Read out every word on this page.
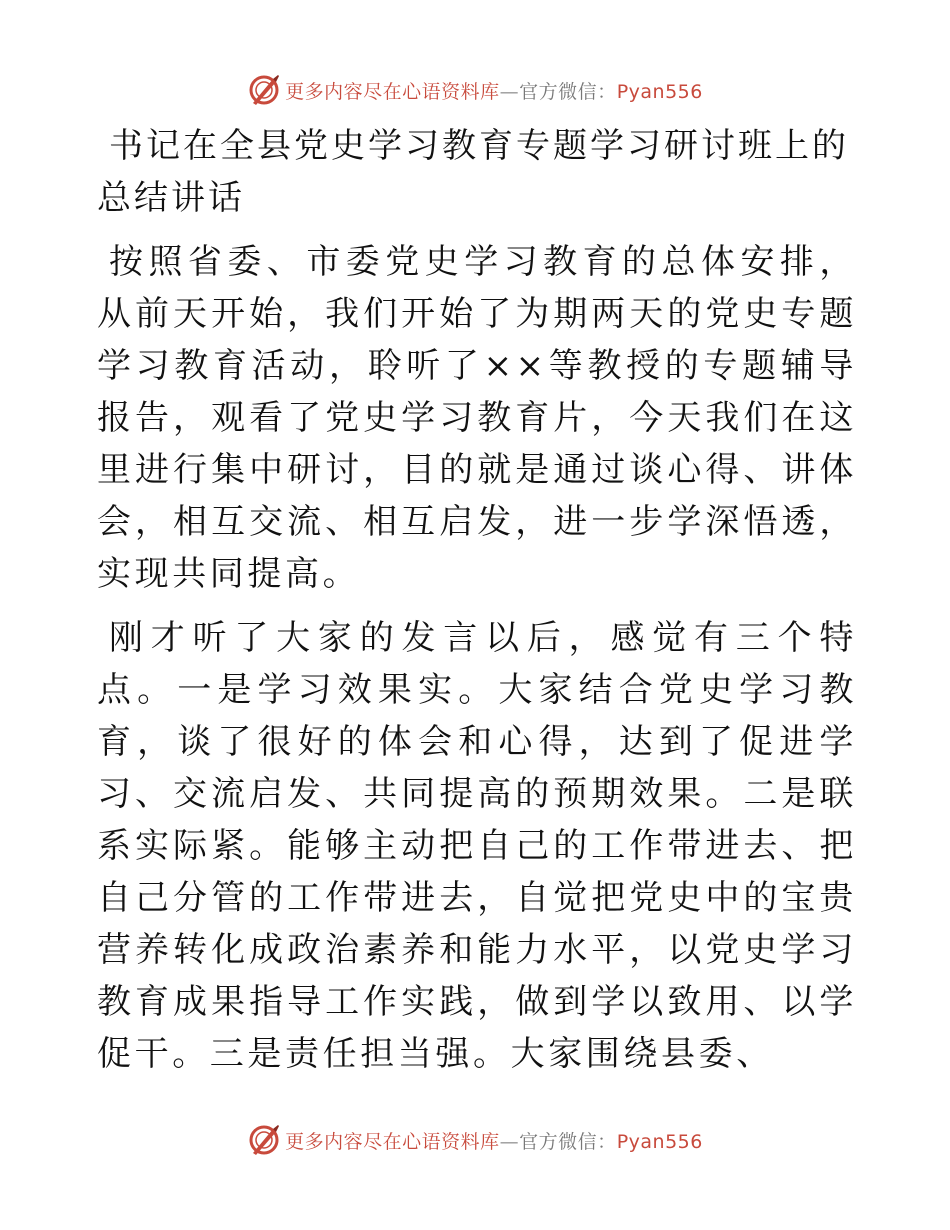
更多内容尽在心语资料库—官方微信：Pyan556
书记在全县党史学习教育专题学习研讨班上的总结讲话

按照省委、市委党史学习教育的总体安排，从前天开始，我们开始了为期两天的党史专题学习教育活动，聆听了××等教授的专题辅导报告，观看了党史学习教育片，今天我们在这里进行集中研讨，目的就是通过谈心得、讲体会，相互交流、相互启发，进一步学深悟透，实现共同提高。

刚才听了大家的发言以后，感觉有三个特点。一是学习效果实。大家结合党史学习教育，谈了很好的体会和心得，达到了促进学习、交流启发、共同提高的预期效果。二是联系实际紧。能够主动把自己的工作带进去、把自己分管的工作带进去，自觉把党史中的宝贵营养转化成政治素养和能力水平，以党史学习教育成果指导工作实践，做到学以致用、以学促干。三是责任担当强。大家围绕县委、

更多内容尽在心语资料库—官方微信：Pyan556
